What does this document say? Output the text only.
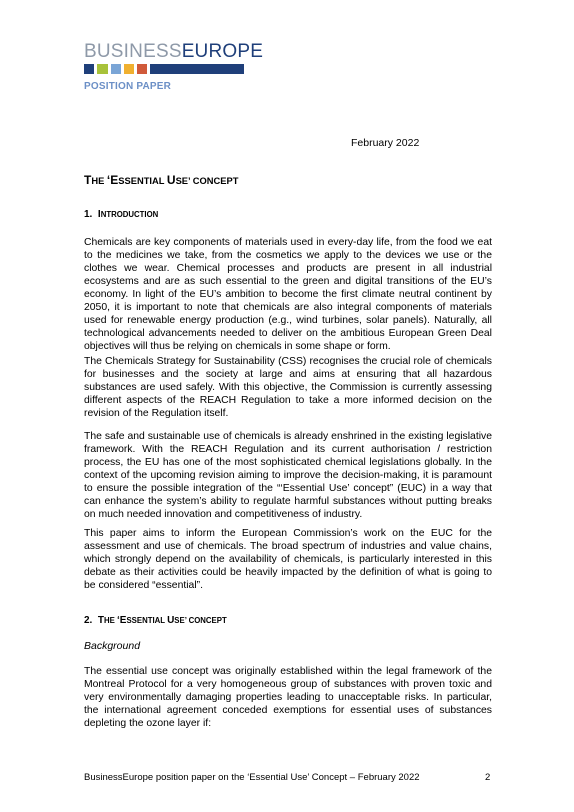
BUSINESSEUROPE
POSITION PAPER
February 2022
THE ‘ESSENTIAL USE’ CONCEPT
1. INTRODUCTION

Chemicals are key components of materials used in every-day life, from the food we eat to the medicines we take, from the cosmetics we apply to the devices we use or the clothes we wear. Chemical processes and products are present in all industrial ecosystems and are as such essential to the green and digital transitions of the EU’s economy. In light of the EU’s ambition to become the first climate neutral continent by 2050, it is important to note that chemicals are also integral components of materials used for renewable energy production (e.g., wind turbines, solar panels). Naturally, all technological advancements needed to deliver on the ambitious European Green Deal objectives will thus be relying on chemicals in some shape or form.

The Chemicals Strategy for Sustainability (CSS) recognises the crucial role of chemicals for businesses and the society at large and aims at ensuring that all hazardous substances are used safely. With this objective, the Commission is currently assessing different aspects of the REACH Regulation to take a more informed decision on the revision of the Regulation itself.

The safe and sustainable use of chemicals is already enshrined in the existing legislative framework. With the REACH Regulation and its current authorisation / restriction process, the EU has one of the most sophisticated chemical legislations globally. In the context of the upcoming revision aiming to improve the decision-making, it is paramount to ensure the possible integration of the “‘Essential Use’ concept” (EUC) in a way that can enhance the system’s ability to regulate harmful substances without putting breaks on much needed innovation and competitiveness of industry.

This paper aims to inform the European Commission’s work on the EUC for the assessment and use of chemicals. The broad spectrum of industries and value chains, which strongly depend on the availability of chemicals, is particularly interested in this debate as their activities could be heavily impacted by the definition of what is going to be considered “essential”.

2. THE ‘ESSENTIAL USE’ CONCEPT
Background

The essential use concept was originally established within the legal framework of the Montreal Protocol for a very homogeneous group of substances with proven toxic and very environmentally damaging properties leading to unacceptable risks. In particular, the international agreement conceded exemptions for essential uses of substances depleting the ozone layer if:

BusinessEurope position paper on the ‘Essential Use’ Concept – February 2022	2
